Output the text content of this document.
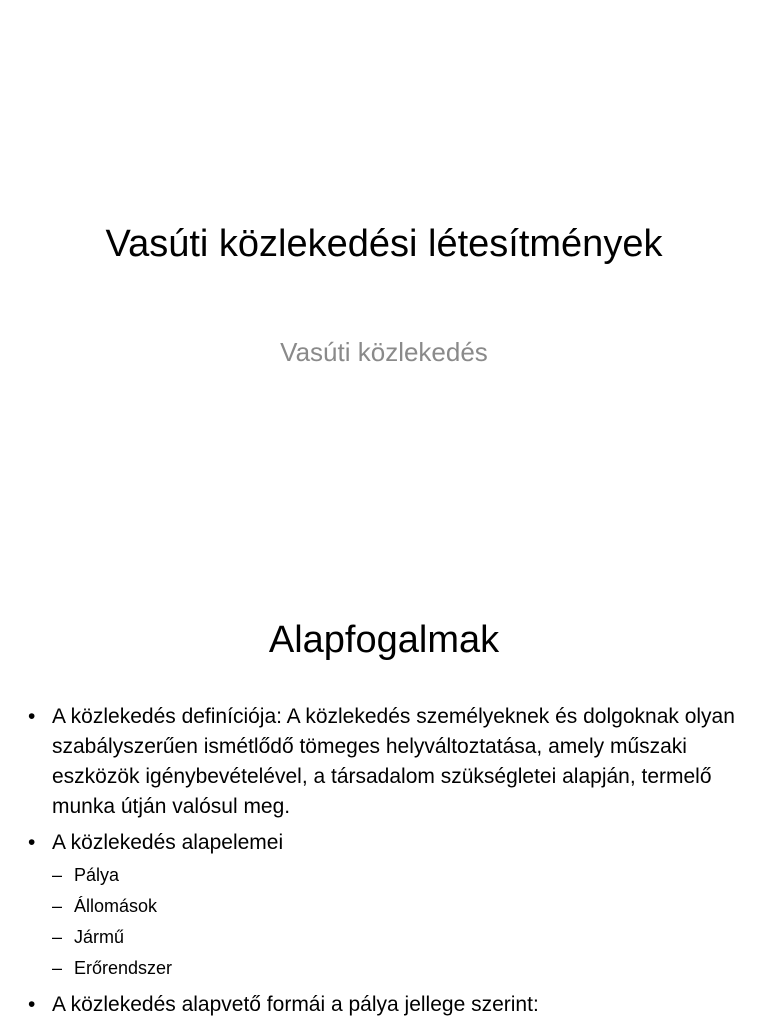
Vasúti közlekedési létesítmények
Vasúti közlekedés
Alapfogalmak
• A közlekedés definíciója: A közlekedés személyeknek és dolgoknak olyan szabályszerűen ismétlődő tömeges helyváltoztatása, amely műszaki eszközök igénybevételével, a társadalom szükségletei alapján, termelő munka útján valósul meg.
• A közlekedés alapelemei
– Pálya
– Állomások
– Jármű
– Erőrendszer
• A közlekedés alapvető formái a pálya jellege szerint:
